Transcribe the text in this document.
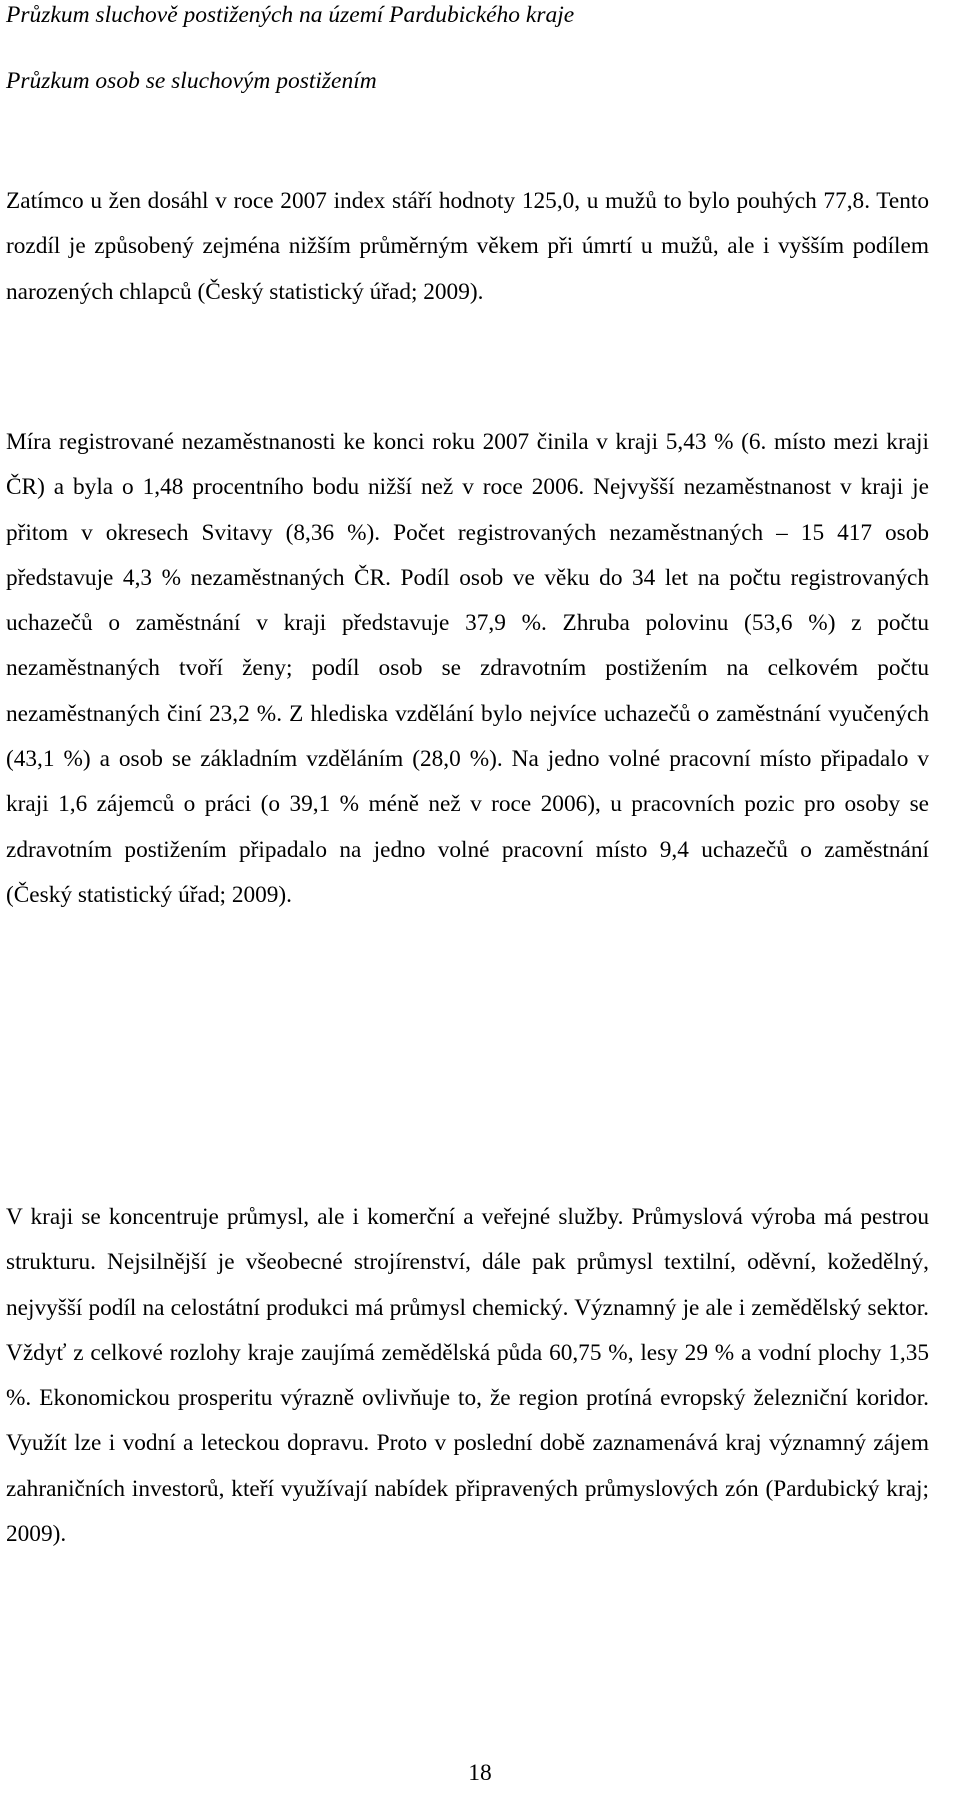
Průzkum sluchově postižených na území Pardubického kraje
Průzkum osob se sluchovým postižením

Zatímco u žen dosáhl v roce 2007 index stáří hodnoty 125,0, u mužů to bylo pouhých 77,8. Tento rozdíl je způsobený zejména nižším průměrným věkem při úmrtí u mužů, ale i vyšším podílem narozených chlapců (Český statistický úřad; 2009).

Míra registrované nezaměstnanosti ke konci roku 2007 činila v kraji 5,43 % (6. místo mezi kraji ČR) a byla o 1,48 procentního bodu nižší než v roce 2006. Nejvyšší nezaměstnanost v kraji je přitom v okresech Svitavy (8,36 %). Počet registrovaných nezaměstnaných – 15 417 osob představuje 4,3 % nezaměstnaných ČR. Podíl osob ve věku do 34 let na počtu registrovaných uchazečů o zaměstnání v kraji představuje 37,9 %. Zhruba polovinu (53,6 %) z počtu nezaměstnaných tvoří ženy; podíl osob se zdravotním postižením na celkovém počtu nezaměstnaných činí 23,2 %. Z hlediska vzdělání bylo nejvíce uchazečů o zaměstnání vyučených (43,1 %) a osob se základním vzděláním (28,0 %). Na jedno volné pracovní místo připadalo v kraji 1,6 zájemců o práci (o 39,1 % méně než v roce 2006), u pracovních pozic pro osoby se zdravotním postižením připadalo na jedno volné pracovní místo 9,4 uchazečů o zaměstnání (Český statistický úřad; 2009).

V kraji se koncentruje průmysl, ale i komerční a veřejné služby. Průmyslová výroba má pestrou strukturu. Nejsilnější je všeobecné strojírenství, dále pak průmysl textilní, oděvní, kožedělný, nejvyšší podíl na celostátní produkci má průmysl chemický. Významný je ale i zemědělský sektor. Vždyť z celkové rozlohy kraje zaujímá zemědělská půda 60,75 %, lesy 29 % a vodní plochy 1,35 %. Ekonomickou prosperitu výrazně ovlivňuje to, že region protíná evropský železniční koridor. Využít lze i vodní a leteckou dopravu. Proto v poslední době zaznamenává kraj významný zájem zahraničních investorů, kteří využívají nabídek připravených průmyslových zón (Pardubický kraj; 2009).

18
